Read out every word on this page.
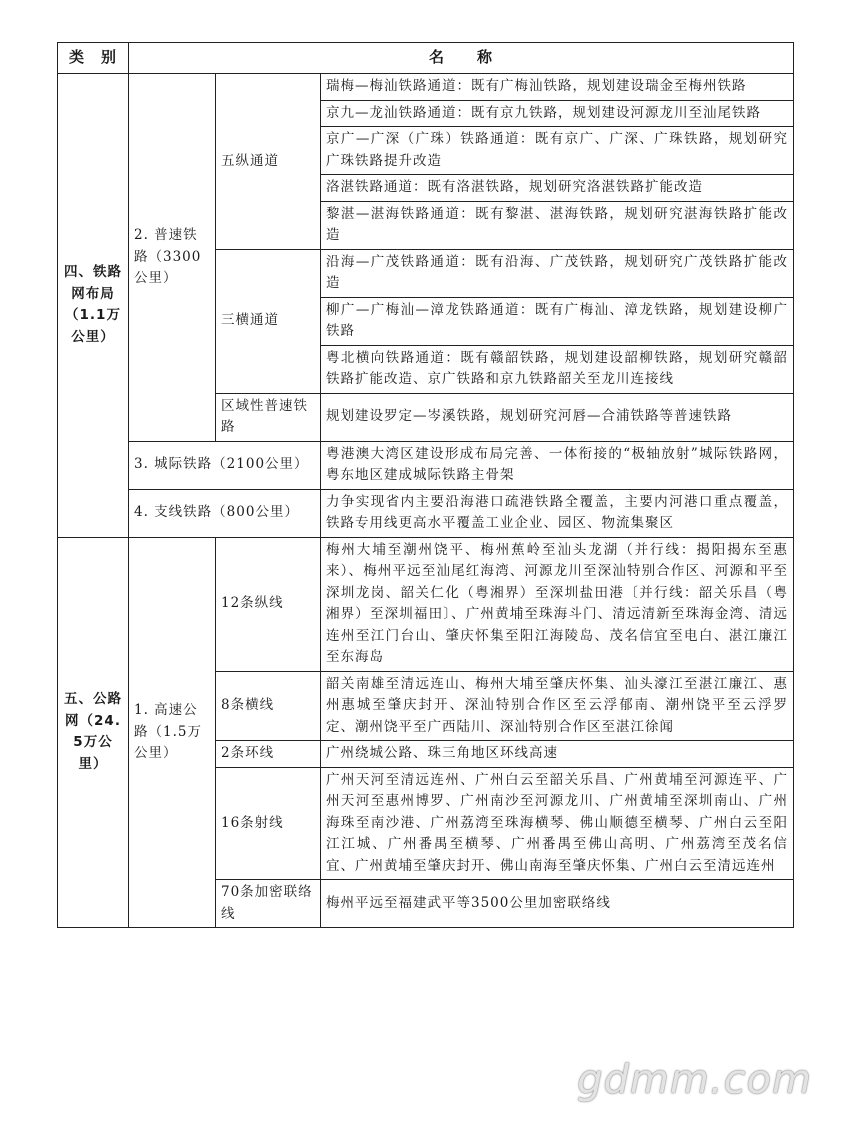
类　别	名　　称		
四、铁路网布局（1.1万公里）	2. 普速铁路（3300公里）	五纵通道	瑞梅—梅汕铁路通道：既有广梅汕铁路，规划建设瑞金至梅州铁路
			京九—龙汕铁路通道：既有京九铁路，规划建设河源龙川至汕尾铁路
			京广—广深（广珠）铁路通道：既有京广、广深、广珠铁路，规划研究广珠铁路提升改造
			洛湛铁路通道：既有洛湛铁路，规划研究洛湛铁路扩能改造
			黎湛—湛海铁路通道：既有黎湛、湛海铁路，规划研究湛海铁路扩能改造
		三横通道	沿海—广茂铁路通道：既有沿海、广茂铁路，规划研究广茂铁路扩能改造
			柳广—广梅汕—漳龙铁路通道：既有广梅汕、漳龙铁路，规划建设柳广铁路
			粤北横向铁路通道：既有赣韶铁路，规划建设韶柳铁路，规划研究赣韶铁路扩能改造、京广铁路和京九铁路韶关至龙川连接线
		区域性普速铁路	规划建设罗定—岑溪铁路，规划研究河唇—合浦铁路等普速铁路
	3. 城际铁路（2100公里）		粤港澳大湾区建设形成布局完善、一体衔接的“极轴放射”城际铁路网，粤东地区建成城际铁路主骨架
	4. 支线铁路（800公里）		力争实现省内主要沿海港口疏港铁路全覆盖，主要内河港口重点覆盖，铁路专用线更高水平覆盖工业企业、园区、物流集聚区
五、公路网（24.5万公里）	1. 高速公路（1.5万公里）	12条纵线	梅州大埔至潮州饶平、梅州蕉岭至汕头龙湖（并行线：揭阳揭东至惠来）、梅州平远至汕尾红海湾、河源龙川至深汕特别合作区、河源和平至深圳龙岗、韶关仁化（粤湘界）至深圳盐田港〔并行线：韶关乐昌（粤湘界）至深圳福田〕、广州黄埔至珠海斗门、清远清新至珠海金湾、清远连州至江门台山、肇庆怀集至阳江海陵岛、茂名信宜至电白、湛江廉江至东海岛
		8条横线	韶关南雄至清远连山、梅州大埔至肇庆怀集、汕头濠江至湛江廉江、惠州惠城至肇庆封开、深汕特别合作区至云浮郁南、潮州饶平至云浮罗定、潮州饶平至广西陆川、深汕特别合作区至湛江徐闻
		2条环线	广州绕城公路、珠三角地区环线高速
		16条射线	广州天河至清远连州、广州白云至韶关乐昌、广州黄埔至河源连平、广州天河至惠州博罗、广州南沙至河源龙川、广州黄埔至深圳南山、广州海珠至南沙港、广州荔湾至珠海横琴、佛山顺德至横琴、广州白云至阳江江城、广州番禺至横琴、广州番禺至佛山高明、广州荔湾至茂名信宜、广州黄埔至肇庆封开、佛山南海至肇庆怀集、广州白云至清远连州
		70条加密联络线	梅州平远至福建武平等3500公里加密联络线
gdmm.com
